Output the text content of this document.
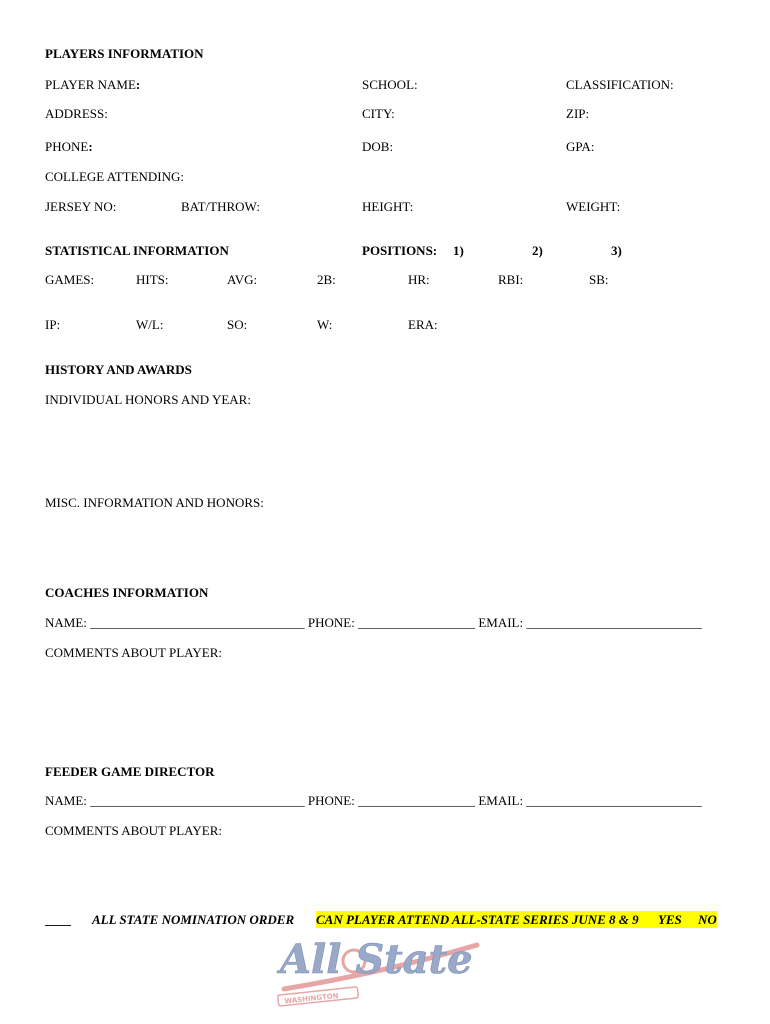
PLAYERS INFORMATION
PLAYER NAME:	SCHOOL:	CLASSIFICATION:
ADDRESS:	CITY:	ZIP:
PHONE:	DOB:	GPA:
COLLEGE ATTENDING:
JERSEY NO:	BAT/THROW:	HEIGHT:	WEIGHT:
STATISTICAL INFORMATION	POSITIONS: 1)	2)	3)
GAMES:	HITS:	AVG:	2B:	HR:	RBI:	SB:
IP:	W/L:	SO:	W:	ERA:
HISTORY AND AWARDS
INDIVIDUAL HONORS AND YEAR:
MISC. INFORMATION AND HONORS:
COACHES INFORMATION
NAME: _________________________________ PHONE: __________________ EMAIL: ___________________________
COMMENTS ABOUT PLAYER:
FEEDER GAME DIRECTOR
NAME: _________________________________ PHONE: __________________ EMAIL: ___________________________
COMMENTS ABOUT PLAYER:
____ ALL STATE NOMINATION ORDER CAN PLAYER ATTEND ALL-STATE SERIES JUNE 8 & 9 YES NO
All State
WASHINGTON
